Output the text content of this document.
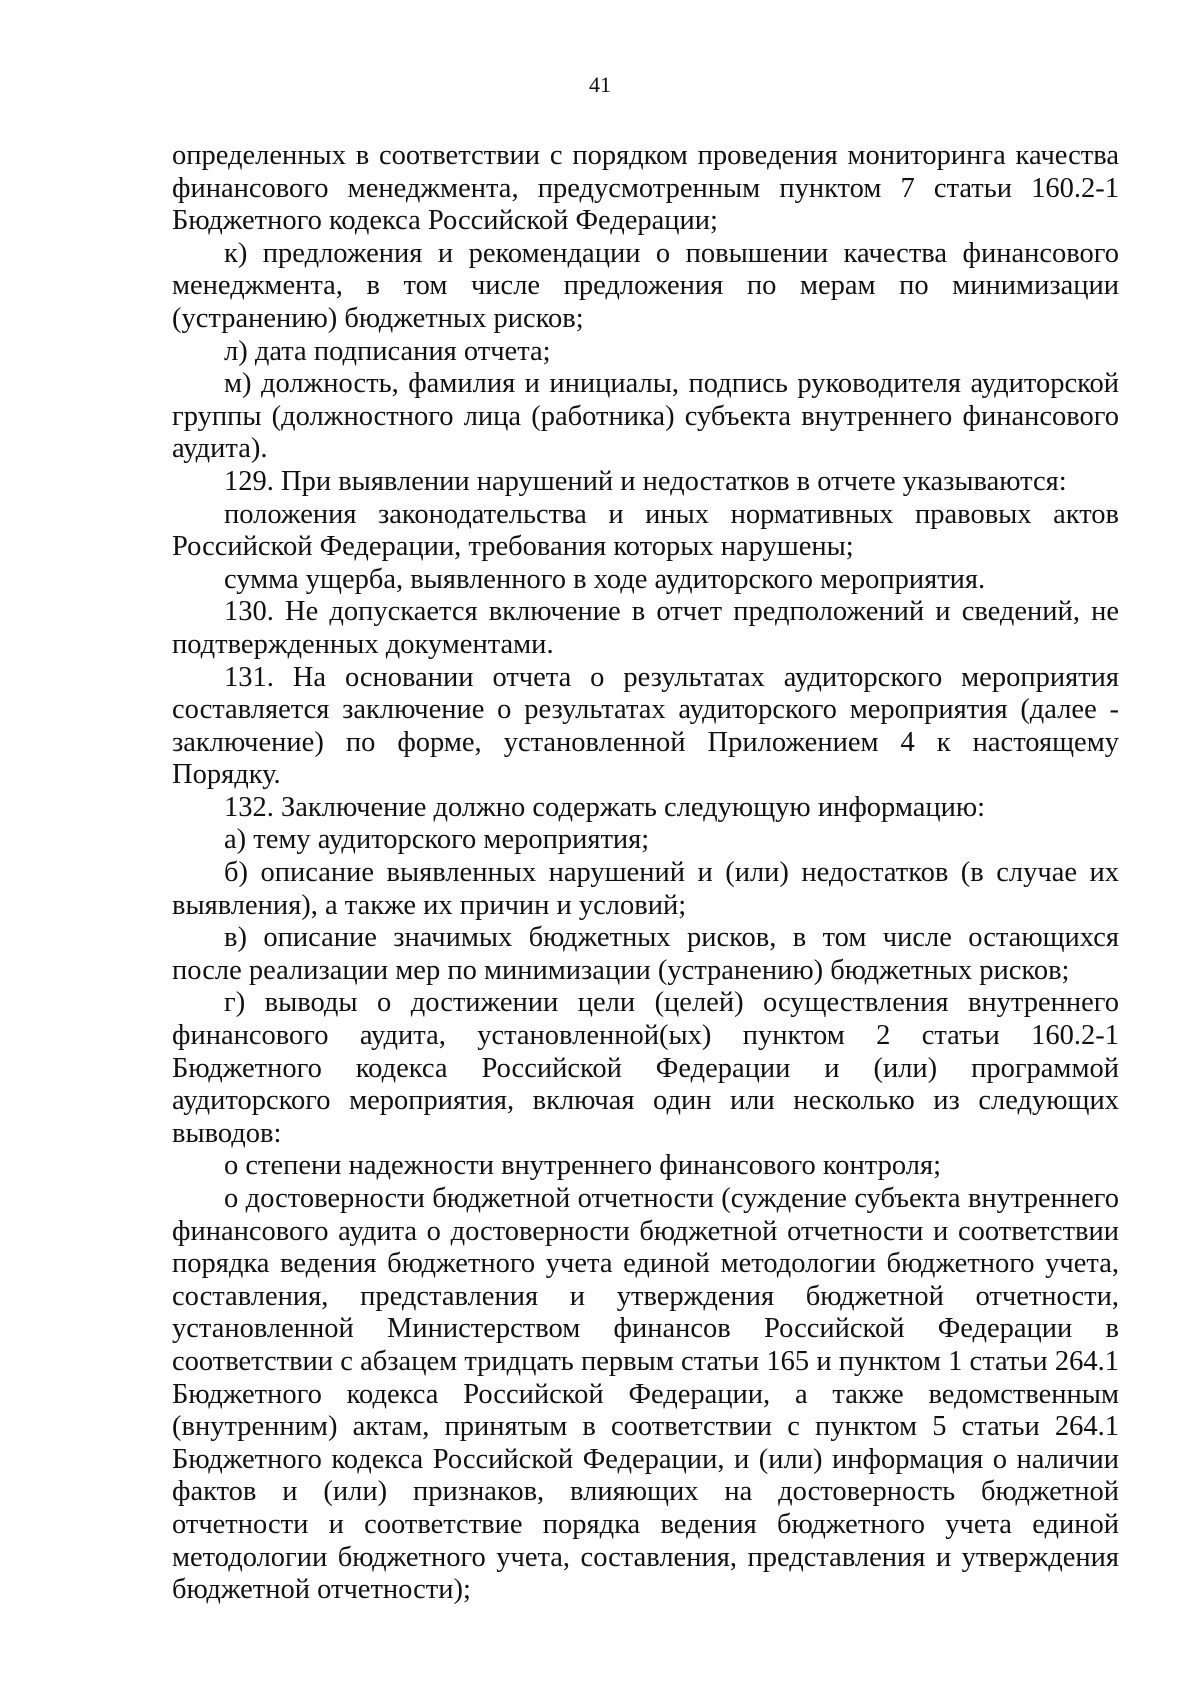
41

определенных в соответствии с порядком проведения мониторинга качества финансового менеджмента, предусмотренным пунктом 7 статьи 160.2-1 Бюджетного кодекса Российской Федерации;

к) предложения и рекомендации о повышении качества финансового менеджмента, в том числе предложения по мерам по минимизации (устранению) бюджетных рисков;

л) дата подписания отчета;

м) должность, фамилия и инициалы, подпись руководителя аудиторской группы (должностного лица (работника) субъекта внутреннего финансового аудита).

129. При выявлении нарушений и недостатков в отчете указываются:

положения законодательства и иных нормативных правовых актов Российской Федерации, требования которых нарушены;

сумма ущерба, выявленного в ходе аудиторского мероприятия.

130. Не допускается включение в отчет предположений и сведений, не подтвержденных документами.

131. На основании отчета о результатах аудиторского мероприятия составляется заключение о результатах аудиторского мероприятия (далее - заключение) по форме, установленной Приложением 4 к настоящему Порядку.

132. Заключение должно содержать следующую информацию:

а) тему аудиторского мероприятия;

б) описание выявленных нарушений и (или) недостатков (в случае их выявления), а также их причин и условий;

в) описание значимых бюджетных рисков, в том числе остающихся после реализации мер по минимизации (устранению) бюджетных рисков;

г) выводы о достижении цели (целей) осуществления внутреннего финансового аудита, установленной(ых) пунктом 2 статьи 160.2-1 Бюджетного кодекса Российской Федерации и (или) программой аудиторского мероприятия, включая один или несколько из следующих выводов:

о степени надежности внутреннего финансового контроля;

о достоверности бюджетной отчетности (суждение субъекта внутреннего финансового аудита о достоверности бюджетной отчетности и соответствии порядка ведения бюджетного учета единой методологии бюджетного учета, составления, представления и утверждения бюджетной отчетности, установленной Министерством финансов Российской Федерации в соответствии с абзацем тридцать первым статьи 165 и пунктом 1 статьи 264.1 Бюджетного кодекса Российской Федерации, а также ведомственным (внутренним) актам, принятым в соответствии с пунктом 5 статьи 264.1 Бюджетного кодекса Российской Федерации, и (или) информация о наличии фактов и (или) признаков, влияющих на достоверность бюджетной отчетности и соответствие порядка ведения бюджетного учета единой методологии бюджетного учета, составления, представления и утверждения бюджетной отчетности);
